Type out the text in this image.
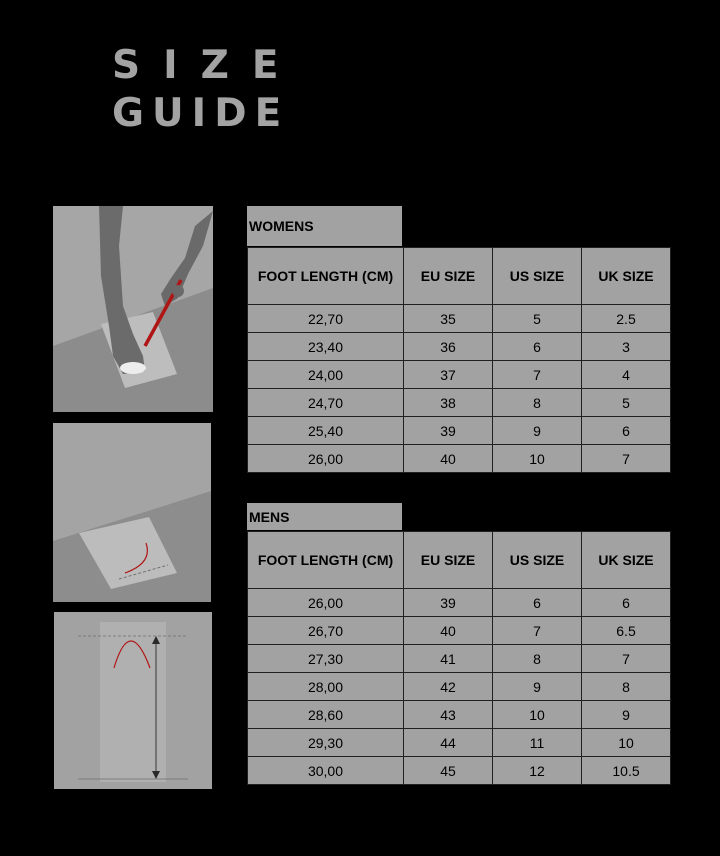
SIZE
GUIDE
WOMENS
FOOT LENGTH (CM)	EU SIZE	US SIZE	UK SIZE
22,70	35	5	2.5
23,40	36	6	3
24,00	37	7	4
24,70	38	8	5
25,40	39	9	6
26,00	40	10	7
MENS
FOOT LENGTH (CM)	EU SIZE	US SIZE	UK SIZE
26,00	39	6	6
26,70	40	7	6.5
27,30	41	8	7
28,00	42	9	8
28,60	43	10	9
29,30	44	11	10
30,00	45	12	10.5
